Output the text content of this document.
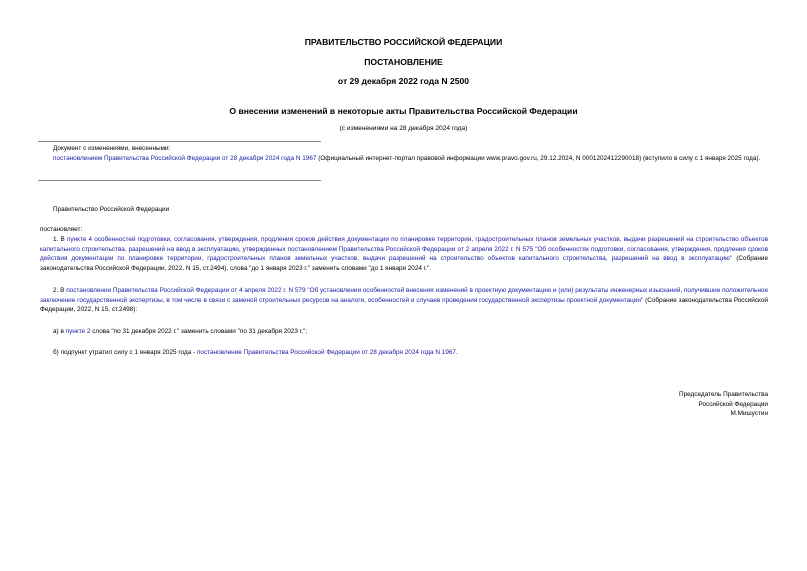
ПРАВИТЕЛЬСТВО РОССИЙСКОЙ ФЕДЕРАЦИИ
ПОСТАНОВЛЕНИЕ
от 29 декабря 2022 года N 2500
О внесении изменений в некоторые акты Правительства Российской Федерации
(с изменениями на 28 декабря 2024 года)
Документ с изменениями, внесенными:
постановлением Правительства Российской Федерации от 28 декабря 2024 года N 1967 (Официальный интернет-портал правовой информации www.pravo.gov.ru, 29.12.2024, N 0001202412290018) (вступило в силу с 1 января 2025 года).
Правительство Российской Федерации
постановляет:
1. В пункте 4 особенностей подготовки, согласования, утверждения, продления сроков действия документации по планировке территории, градостроительных планов земельных участков, выдачи разрешений на строительство объектов капитального строительства, разрешений на ввод в эксплуатацию, утвержденных постановлением Правительства Российской Федерации от 2 апреля 2022 г. N 575 "Об особенностях подготовки, согласования, утверждения, продления сроков действия документации по планировке территории, градостроительных планов земельных участков, выдачи разрешений на строительство объектов капитального строительства, разрешений на ввод в эксплуатацию" (Собрание законодательства Российской Федерации, 2022, N 15, ст.2494), слова "до 1 января 2023 г." заменить словами "до 1 января 2024 г.".
2. В постановлении Правительства Российской Федерации от 4 апреля 2022 г. N 579 "Об установлении особенностей внесения изменений в проектную документацию и (или) результаты инженерных изысканий, получившие положительное заключение государственной экспертизы, в том числе в связи с заменой строительных ресурсов на аналоги, особенностей и случаев проведения государственной экспертизы проектной документации" (Собрание законодательства Российской Федерации, 2022, N 15, ст.2498):
а) в пункте 2 слова "по 31 декабря 2022 г." заменить словами "по 31 декабря 2023 г.";
б) подпункт утратил силу с 1 января 2025 года - постановление Правительства Российской Федерации от 28 декабря 2024 года N 1967.
Председатель Правительства
Российской Федерации
М.Мишустин
